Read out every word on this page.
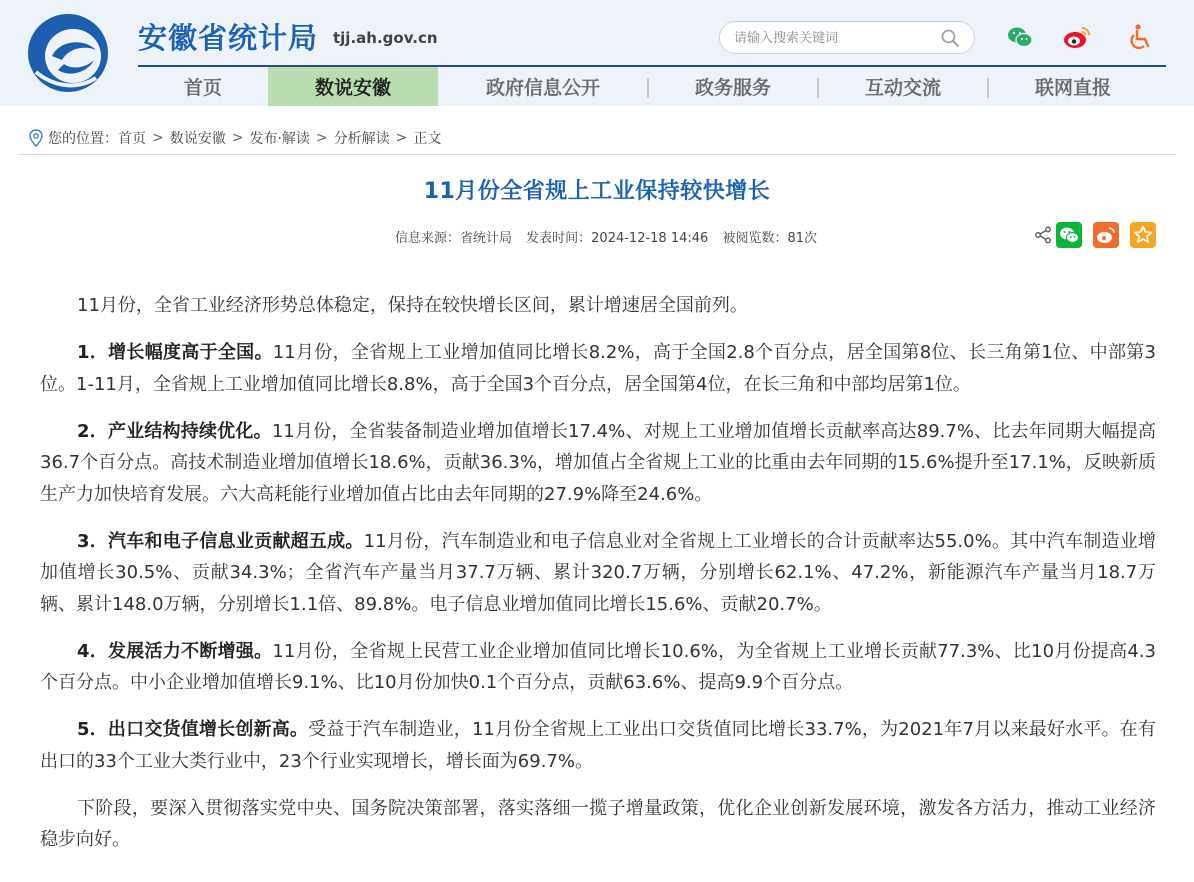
安徽省统计局 tjj.ah.gov.cn
请输入搜索关键词
首页	数说安徽	政府信息公开	政务服务	互动交流	联网直报
您的位置： 首页 > 数说安徽 > 发布·解读 > 分析解读 > 正文
11月份全省规上工业保持较快增长
信息来源：省统计局 发表时间：2024-12-18 14:46 被阅览数：81次

11月份，全省工业经济形势总体稳定，保持在较快增长区间，累计增速居全国前列。

1．增长幅度高于全国。11月份，全省规上工业增加值同比增长8.2%，高于全国2.8个百分点，居全国第8位、长三角第1位、中部第3位。1-11月，全省规上工业增加值同比增长8.8%，高于全国3个百分点，居全国第4位，在长三角和中部均居第1位。

2．产业结构持续优化。11月份，全省装备制造业增加值增长17.4%、对规上工业增加值增长贡献率高达89.7%、比去年同期大幅提高36.7个百分点。高技术制造业增加值增长18.6%，贡献36.3%，增加值占全省规上工业的比重由去年同期的15.6%提升至17.1%，反映新质生产力加快培育发展。六大高耗能行业增加值占比由去年同期的27.9%降至24.6%。

3．汽车和电子信息业贡献超五成。11月份，汽车制造业和电子信息业对全省规上工业增长的合计贡献率达55.0%。其中汽车制造业增加值增长30.5%、贡献34.3%；全省汽车产量当月37.7万辆、累计320.7万辆，分别增长62.1%、47.2%，新能源汽车产量当月18.7万辆、累计148.0万辆，分别增长1.1倍、89.8%。电子信息业增加值同比增长15.6%、贡献20.7%。

4．发展活力不断增强。11月份，全省规上民营工业企业增加值同比增长10.6%，为全省规上工业增长贡献77.3%、比10月份提高4.3个百分点。中小企业增加值增长9.1%、比10月份加快0.1个百分点，贡献63.6%、提高9.9个百分点。

5．出口交货值增长创新高。受益于汽车制造业，11月份全省规上工业出口交货值同比增长33.7%，为2021年7月以来最好水平。在有出口的33个工业大类行业中，23个行业实现增长，增长面为69.7%。

下阶段，要深入贯彻落实党中央、国务院决策部署，落实落细一揽子增量政策，优化企业创新发展环境，激发各方活力，推动工业经济稳步向好。
